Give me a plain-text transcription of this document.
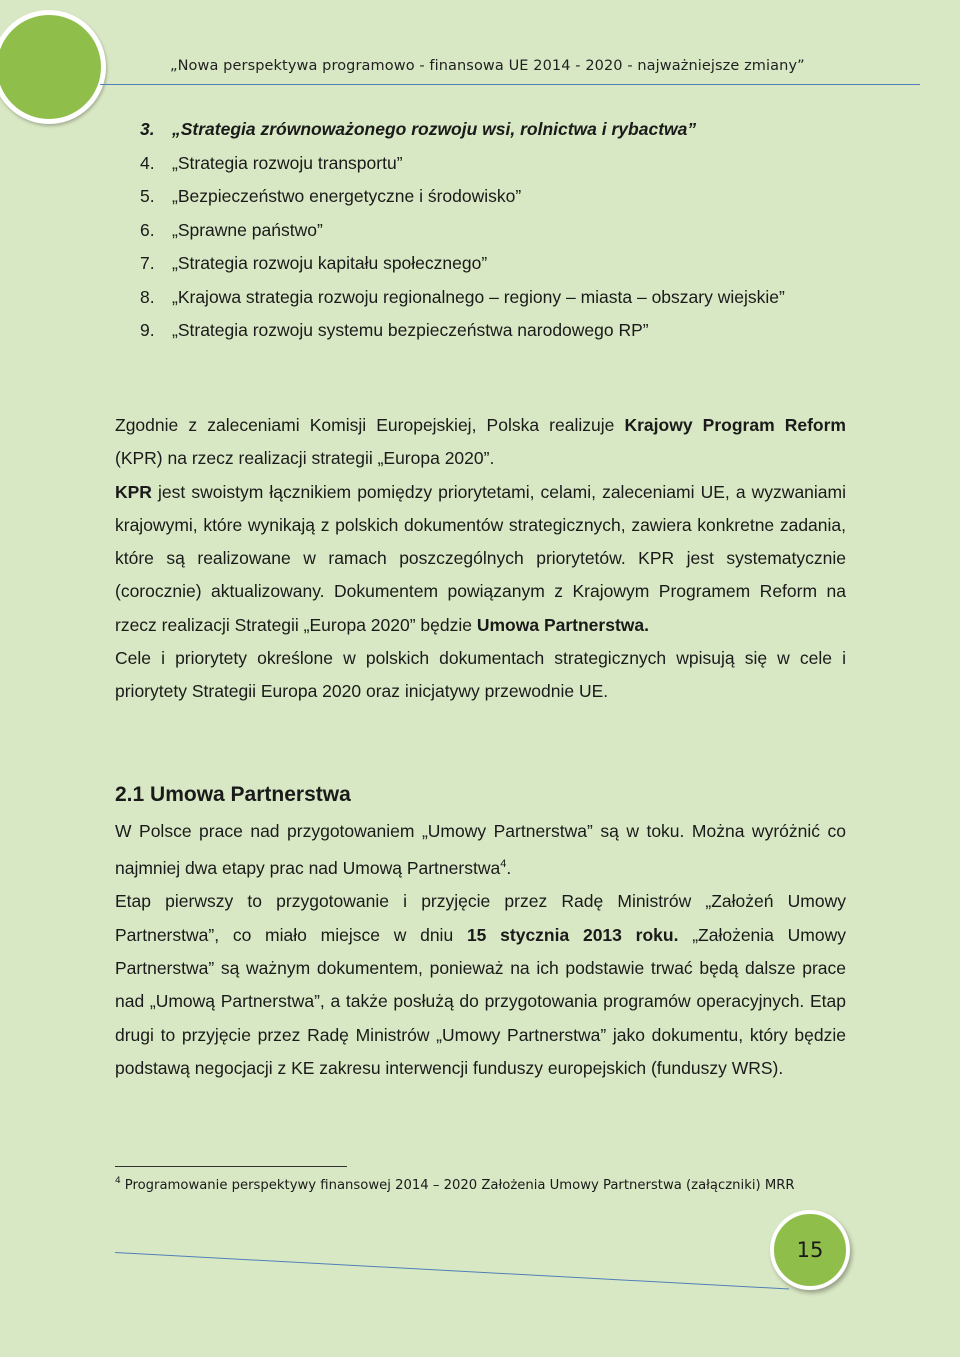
„Nowa perspektywa programowo - finansowa UE 2014 - 2020 - najważniejsze zmiany”
3. „Strategia zrównoważonego rozwoju wsi, rolnictwa i rybactwa”
4. „Strategia rozwoju transportu”
5. „Bezpieczeństwo energetyczne i środowisko”
6. „Sprawne państwo”
7. „Strategia rozwoju kapitału społecznego”
8. „Krajowa strategia rozwoju regionalnego – regiony – miasta – obszary wiejskie”
9. „Strategia rozwoju systemu bezpieczeństwa narodowego RP”

Zgodnie z zaleceniami Komisji Europejskiej, Polska realizuje Krajowy Program Reform (KPR) na rzecz realizacji strategii „Europa 2020”.

KPR jest swoistym łącznikiem pomiędzy priorytetami, celami, zaleceniami UE, a wyzwaniami krajowymi, które wynikają z polskich dokumentów strategicznych, zawiera konkretne zadania, które są realizowane w ramach poszczególnych priorytetów. KPR jest systematycznie (corocznie) aktualizowany. Dokumentem powiązanym z Krajowym Programem Reform na rzecz realizacji Strategii „Europa 2020” będzie Umowa Partnerstwa.

Cele i priorytety określone w polskich dokumentach strategicznych wpisują się w cele i priorytety Strategii Europa 2020 oraz inicjatywy przewodnie UE.

2.1 Umowa Partnerstwa

W Polsce prace nad przygotowaniem „Umowy Partnerstwa” są w toku. Można wyróżnić co najmniej dwa etapy prac nad Umową Partnerstwa$^4$.

Etap pierwszy to przygotowanie i przyjęcie przez Radę Ministrów „Założeń Umowy Partnerstwa”, co miało miejsce w dniu 15 stycznia 2013 roku. „Założenia Umowy Partnerstwa” są ważnym dokumentem, ponieważ na ich podstawie trwać będą dalsze prace nad „Umową Partnerstwa”, a także posłużą do przygotowania programów operacyjnych. Etap drugi to przyjęcie przez Radę Ministrów „Umowy Partnerstwa” jako dokumentu, który będzie podstawą negocjacji z KE zakresu interwencji funduszy europejskich (funduszy WRS).

$^4$ Programowanie perspektywy finansowej 2014 – 2020 Założenia Umowy Partnerstwa (załączniki) MRR
15
